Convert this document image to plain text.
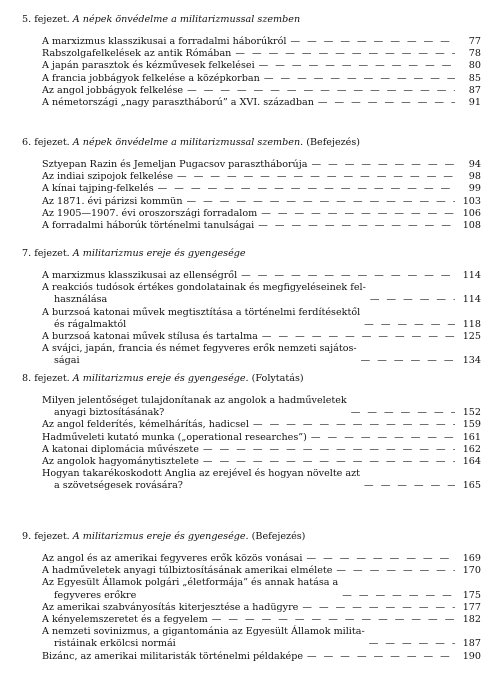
5. fejezet. A népek önvédelme a militarizmussal szemben
A marxizmus klasszikusai a forradalmi háborúkról — — —	77
Rabszolgafelkelések az antik Rómában — — —	78
A japán parasztok és kézművesek felkelései — — —	80
A francia jobbágyok felkelése a középkorban — — —	85
Az angol jobbágyok felkelése — — —	87
A németországi „nagy parasztháború” a XVI. században — — —	91
6. fejezet. A népek önvédelme a militarizmussal szemben. (Befejezés)
Sztyepan Razin és Jemeljan Pugacsov parasztháborúja — — —	94
Az indiai szipojok felkelése — — —	98
A kínai tajping-felkelés — — —	99
Az 1871. évi párizsi kommün — — —	103
Az 1905—1907. évi oroszországi forradalom — — —	106
A forradalmi háborúk történelmi tanulságai — — —	108
7. fejezet. A militarizmus ereje és gyengesége
A marxizmus klasszikusai az ellenségről — — —	114
A reakciós tudósok értékes gondolatainak és megfigyeléseinek fel-
használása — — —	114
A burzsoá katonai művek megtisztítása a történelmi ferdítésektől
és rágalmaktól — — —	118
A burzsoá katonai művek stílusa és tartalma — — —	125
A svájci, japán, francia és német fegyveres erők nemzeti sajátos-
ságai — — —	134
8. fejezet. A militarizmus ereje és gyengesége. (Folytatás)
Milyen jelentőséget tulajdonítanak az angolok a hadműveletek
anyagi biztosításának? — — —	152
Az angol felderítés, kémelhárítás, hadicsel — — —	159
Hadműveleti kutató munka („operational researches”) — — —	161
A katonai diplomácia művészete — — —	162
Az angolok hagyománytisztelete — — —	164
Hogyan takarékoskodott Anglia az erejével és hogyan növelte azt
a szövetségesek rovására? — — —	165
9. fejezet. A militarizmus ereje és gyengesége. (Befejezés)
Az angol és az amerikai fegyveres erők közös vonásai — — —	169
A hadműveletek anyagi túlbiztosításának amerikai elmélete — — —	170
Az Egyesült Államok polgári „életformája” és annak hatása a
fegyveres erőkre — — —	175
Az amerikai szabványosítás kiterjesztése a hadügyre — — —	177
A kényelemszeretet és a fegyelem — — —	182
A nemzeti sovinizmus, a gigantománia az Egyesült Államok milita-
ristáinak erkölcsi normái — — —	187
Bizánc, az amerikai militaristák történelmi példaképe — — —	190
